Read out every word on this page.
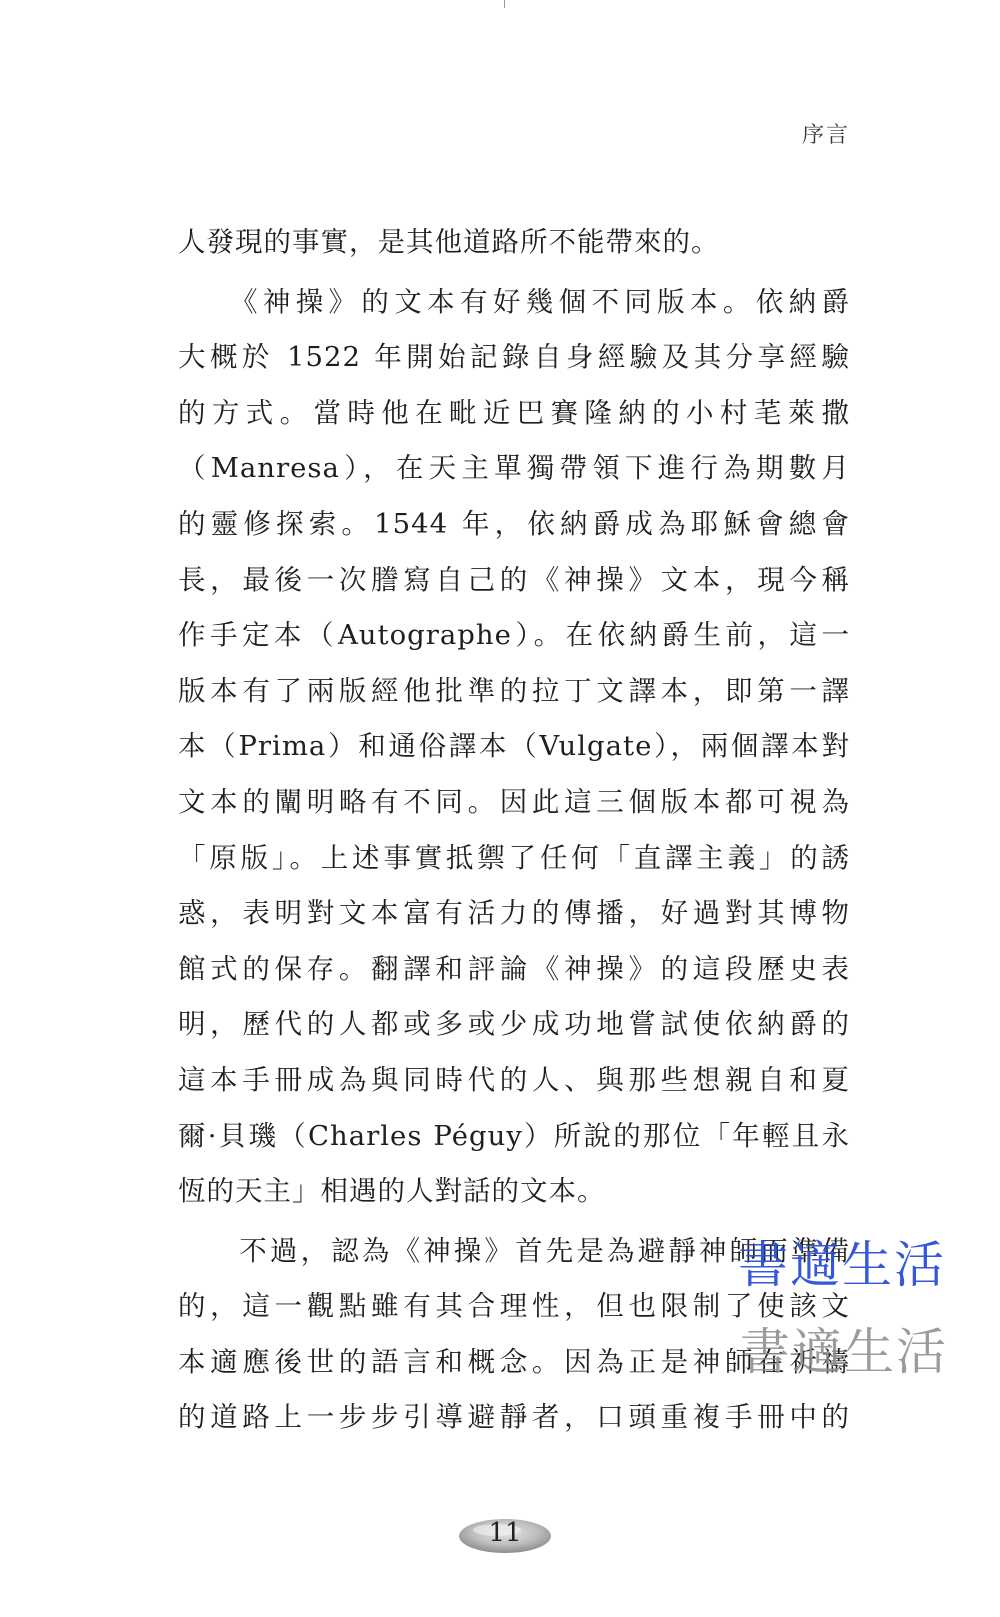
序言
人發現的事實，是其他道路所不能帶來的。
　　《神操》的文本有好幾個不同版本。依納爵
大概於 1522 年開始記錄自身經驗及其分享經驗
的方式。當時他在毗近巴賽隆納的小村芼萊撒
（Manresa），在天主單獨帶領下進行為期數月
的靈修探索。1544 年，依納爵成為耶穌會總會
長，最後一次謄寫自己的《神操》文本，現今稱
作手定本（Autographe）。在依納爵生前，這一
版本有了兩版經他批準的拉丁文譯本，即第一譯
本（Prima）和通俗譯本（Vulgate），兩個譯本對
文本的闡明略有不同。因此這三個版本都可視為
「原版」。上述事實抵禦了任何「直譯主義」的誘
惑，表明對文本富有活力的傳播，好過對其博物
館式的保存。翻譯和評論《神操》的這段歷史表
明，歷代的人都或多或少成功地嘗試使依納爵的
這本手冊成為與同時代的人、與那些想親自和夏
爾·貝璣（Charles Péguy）所說的那位「年輕且永
恆的天主」相遇的人對話的文本。
　　不過，認為《神操》首先是為避靜神師而準備
的，這一觀點雖有其合理性，但也限制了使該文
本適應後世的語言和概念。因為正是神師在祈禱
的道路上一步步引導避靜者，口頭重複手冊中的
書適生活
書適生活
11
